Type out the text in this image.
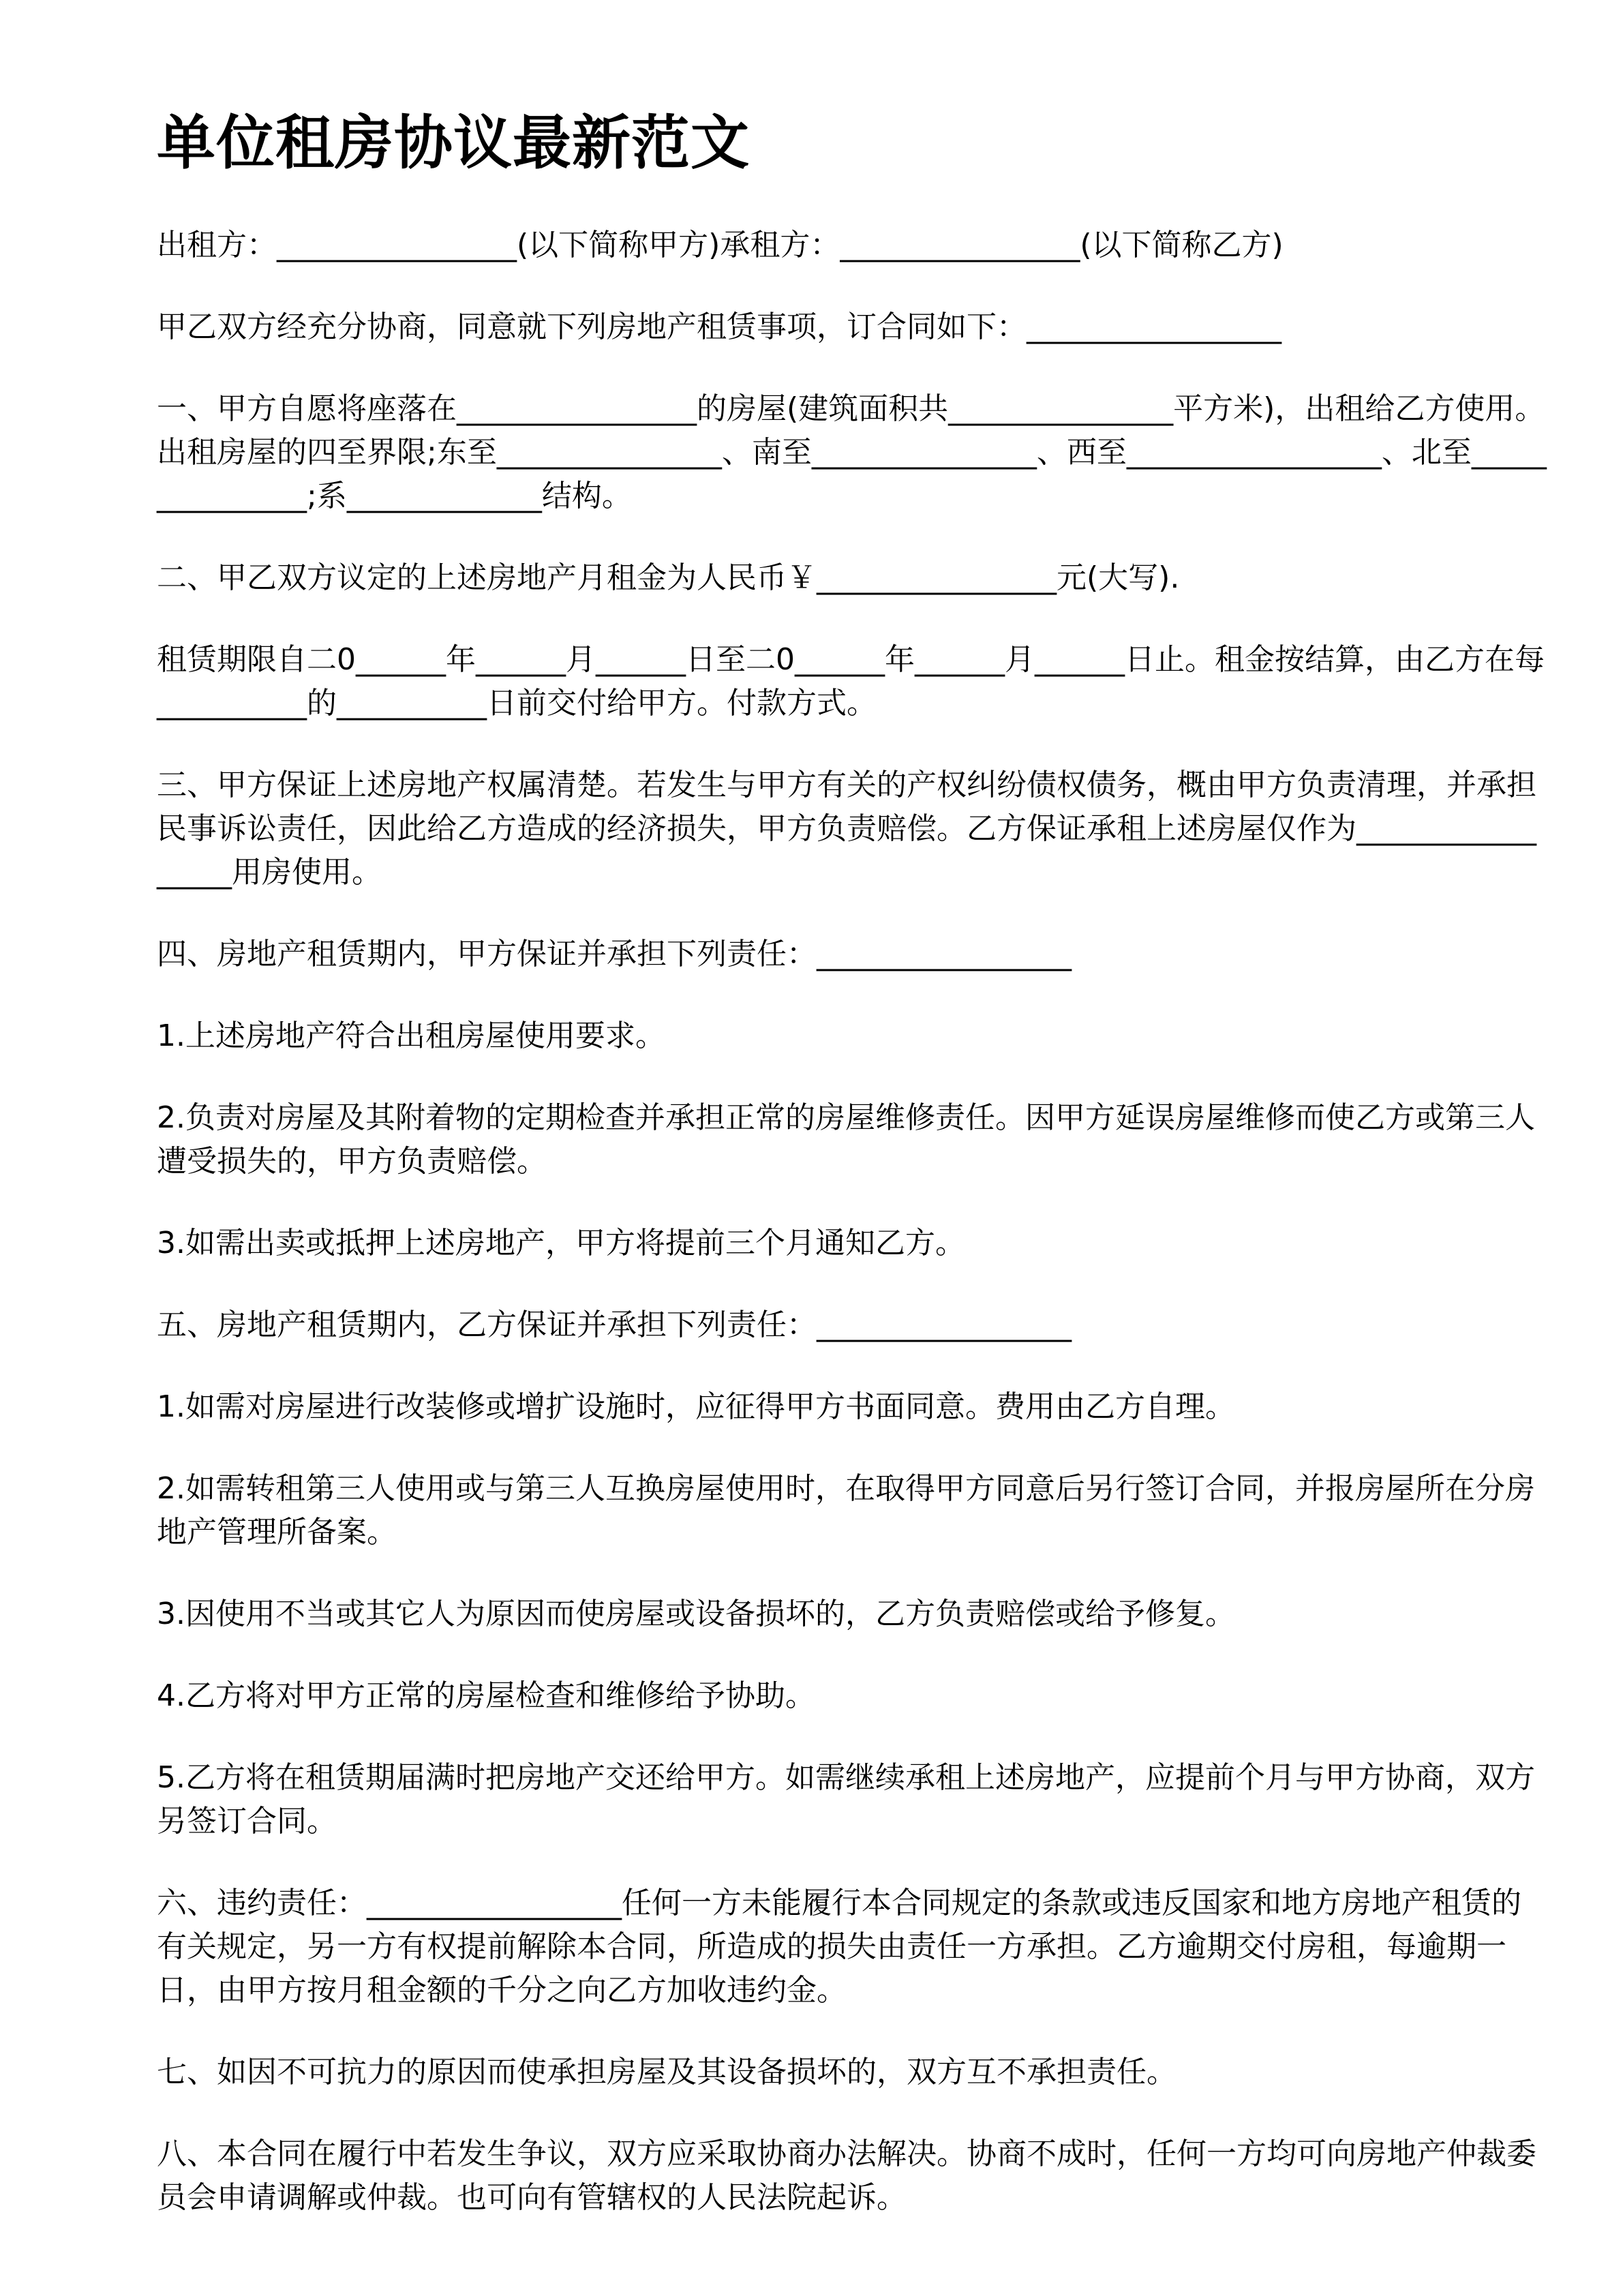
单位租房协议最新范文

出租方：________________(以下简称甲方)承租方：________________(以下简称乙方)

甲乙双方经充分协商，同意就下列房地产租赁事项，订合同如下：_________________

一、甲方自愿将座落在________________的房屋(建筑面积共_______________平方米)，出租给乙方使用。出租房屋的四至界限;东至_______________、南至_______________、西至_________________、北至_______________;系_____________结构。

二、甲乙双方议定的上述房地产月租金为人民币￥________________元(大写).

租赁期限自二0______年______月______日至二0______年______月______日止。租金按结算，由乙方在每__________的__________日前交付给甲方。付款方式。

三、甲方保证上述房地产权属清楚。若发生与甲方有关的产权纠纷债权债务，概由甲方负责清理，并承担民事诉讼责任，因此给乙方造成的经济损失，甲方负责赔偿。乙方保证承租上述房屋仅作为_________________用房使用。

四、房地产租赁期内，甲方保证并承担下列责任：_________________

1.上述房地产符合出租房屋使用要求。

2.负责对房屋及其附着物的定期检查并承担正常的房屋维修责任。因甲方延误房屋维修而使乙方或第三人遭受损失的，甲方负责赔偿。

3.如需出卖或抵押上述房地产，甲方将提前三个月通知乙方。

五、房地产租赁期内，乙方保证并承担下列责任：_________________

1.如需对房屋进行改装修或增扩设施时，应征得甲方书面同意。费用由乙方自理。

2.如需转租第三人使用或与第三人互换房屋使用时，在取得甲方同意后另行签订合同，并报房屋所在分房地产管理所备案。

3.因使用不当或其它人为原因而使房屋或设备损坏的，乙方负责赔偿或给予修复。

4.乙方将对甲方正常的房屋检查和维修给予协助。

5.乙方将在租赁期届满时把房地产交还给甲方。如需继续承租上述房地产，应提前个月与甲方协商，双方另签订合同。

六、违约责任：_________________任何一方未能履行本合同规定的条款或违反国家和地方房地产租赁的有关规定，另一方有权提前解除本合同，所造成的损失由责任一方承担。乙方逾期交付房租，每逾期一日，由甲方按月租金额的千分之向乙方加收违约金。

七、如因不可抗力的原因而使承担房屋及其设备损坏的，双方互不承担责任。

八、本合同在履行中若发生争议，双方应采取协商办法解决。协商不成时，任何一方均可向房地产仲裁委员会申请调解或仲裁。也可向有管辖权的人民法院起诉。
